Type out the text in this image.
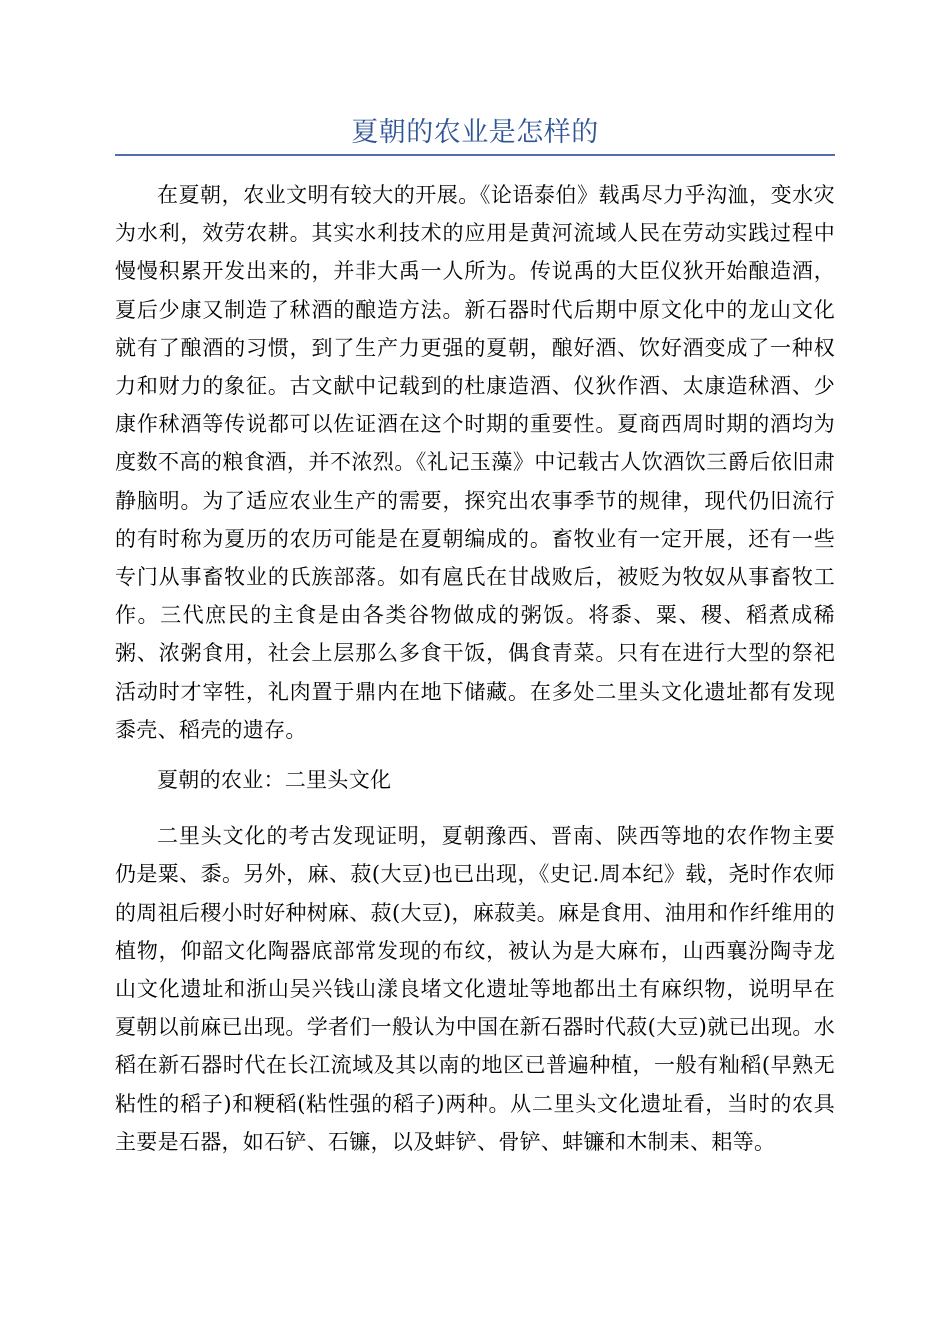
夏朝的农业是怎样的

在夏朝，农业文明有较大的开展。《论语泰伯》载禹尽力乎沟洫，变水灾为水利，效劳农耕。其实水利技术的应用是黄河流域人民在劳动实践过程中慢慢积累开发出来的，并非大禹一人所为。传说禹的大臣仪狄开始酿造酒，夏后少康又制造了秫酒的酿造方法。新石器时代后期中原文化中的龙山文化就有了酿酒的习惯，到了生产力更强的夏朝，酿好酒、饮好酒变成了一种权力和财力的象征。古文献中记载到的杜康造酒、仪狄作酒、太康造秫酒、少康作秫酒等传说都可以佐证酒在这个时期的重要性。夏商西周时期的酒均为度数不高的粮食酒，并不浓烈。《礼记玉藻》中记载古人饮酒饮三爵后依旧肃静脑明。为了适应农业生产的需要，探究出农事季节的规律，现代仍旧流行的有时称为夏历的农历可能是在夏朝编成的。畜牧业有一定开展，还有一些专门从事畜牧业的氏族部落。如有扈氏在甘战败后，被贬为牧奴从事畜牧工作。三代庶民的主食是由各类谷物做成的粥饭。将黍、粟、稷、稻煮成稀粥、浓粥食用，社会上层那么多食干饭，偶食青菜。只有在进行大型的祭祀活动时才宰牲，礼肉置于鼎内在地下储藏。在多处二里头文化遗址都有发现黍壳、稻壳的遗存。

夏朝的农业：二里头文化

二里头文化的考古发现证明，夏朝豫西、晋南、陕西等地的农作物主要仍是粟、黍。另外，麻、菽(大豆)也已出现，《史记.周本纪》载，尧时作农师的周祖后稷小时好种树麻、菽(大豆)，麻菽美。麻是食用、油用和作纤维用的植物，仰韶文化陶器底部常发现的布纹，被认为是大麻布，山西襄汾陶寺龙山文化遗址和浙山吴兴钱山漾良堵文化遗址等地都出土有麻织物，说明早在夏朝以前麻已出现。学者们一般认为中国在新石器时代菽(大豆)就已出现。水稻在新石器时代在长江流域及其以南的地区已普遍种植，一般有籼稻(早熟无粘性的稻子)和粳稻(粘性强的稻子)两种。从二里头文化遗址看，当时的农具主要是石器，如石铲、石镰，以及蚌铲、骨铲、蚌镰和木制耒、耜等。
